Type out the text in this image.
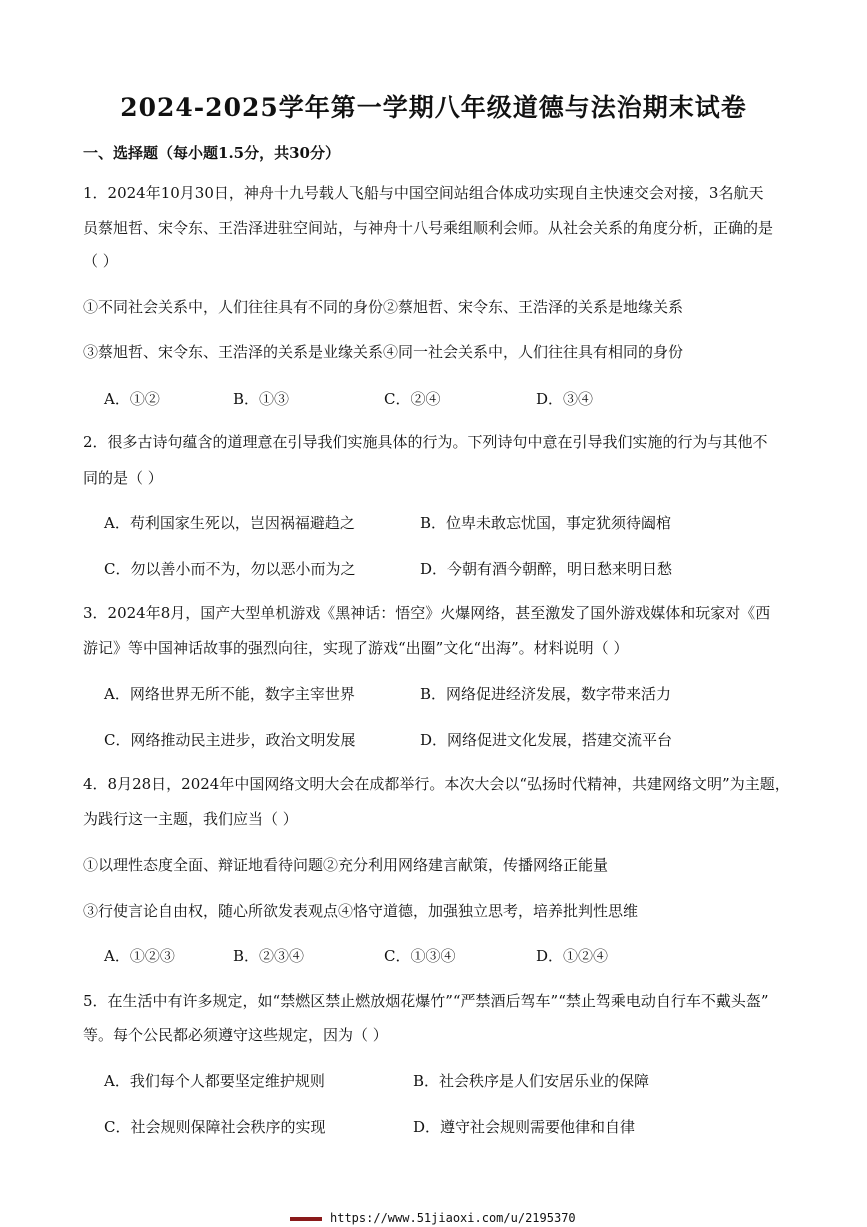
2024-2025学年第一学期八年级道德与法治期末试卷
一、选择题（每小题1.5分，共30分）
1．2024年10月30日，神舟十九号载人飞船与中国空间站组合体成功实现自主快速交会对接，3名航天
员蔡旭哲、宋令东、王浩泽进驻空间站，与神舟十八号乘组顺利会师。从社会关系的角度分析，正确的是
（ ）
①不同社会关系中，人们往往具有不同的身份②蔡旭哲、宋令东、王浩泽的关系是地缘关系
③蔡旭哲、宋令东、王浩泽的关系是业缘关系④同一社会关系中，人们往往具有相同的身份
A．①②	B．①③	C．②④	D．③④
2．很多古诗句蕴含的道理意在引导我们实施具体的行为。下列诗句中意在引导我们实施的行为与其他不
同的是（ ）
A．苟利国家生死以，岂因祸福避趋之	B．位卑未敢忘忧国，事定犹须待阖棺
C．勿以善小而不为，勿以恶小而为之	D．今朝有酒今朝醉，明日愁来明日愁
3．2024年8月，国产大型单机游戏《黑神话：悟空》火爆网络，甚至激发了国外游戏媒体和玩家对《西
游记》等中国神话故事的强烈向往，实现了游戏“出圈”文化“出海”。材料说明（ ）
A．网络世界无所不能，数字主宰世界	B．网络促进经济发展，数字带来活力
C．网络推动民主进步，政治文明发展	D．网络促进文化发展，搭建交流平台
4．8月28日，2024年中国网络文明大会在成都举行。本次大会以“弘扬时代精神，共建网络文明”为主题，
为践行这一主题，我们应当（ ）
①以理性态度全面、辩证地看待问题②充分利用网络建言献策，传播网络正能量
③行使言论自由权，随心所欲发表观点④恪守道德，加强独立思考，培养批判性思维
A．①②③	B．②③④	C．①③④	D．①②④
5．在生活中有许多规定，如“禁燃区禁止燃放烟花爆竹”“严禁酒后驾车”“禁止驾乘电动自行车不戴头盔”
等。每个公民都必须遵守这些规定，因为（ ）
A．我们每个人都要坚定维护规则	B．社会秩序是人们安居乐业的保障
C．社会规则保障社会秩序的实现	D．遵守社会规则需要他律和自律
https://www.51jiaoxi.com/u/2195370
